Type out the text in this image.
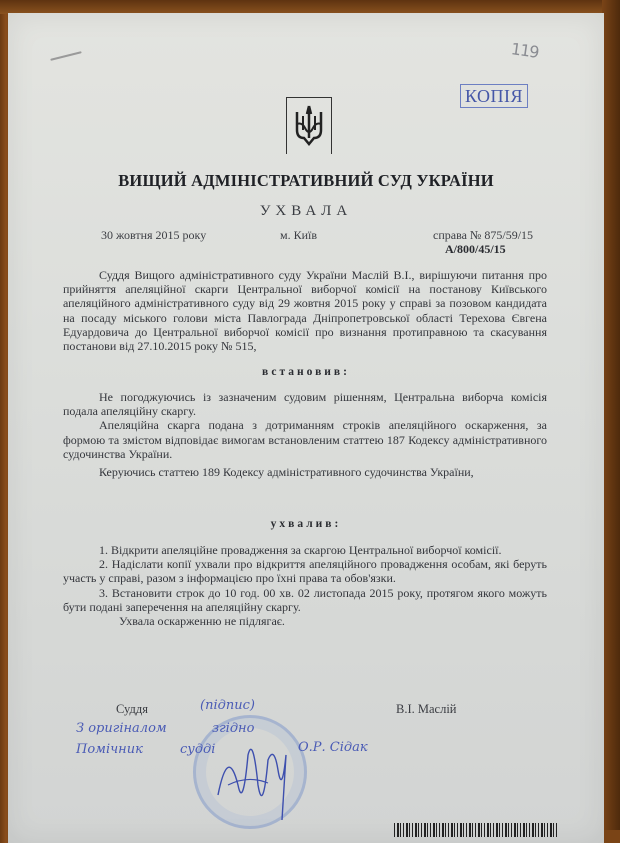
119
КОПІЯ
ВИЩИЙ АДМІНІСТРАТИВНИЙ СУД УКРАЇНИ
УХВАЛА
30 жовтня 2015 року	м. Київ	справа № 875/59/15
А/800/45/15

Суддя Вищого адміністративного суду України Маслій В.І., вирішуючи питання про прийняття апеляційної скарги Центральної виборчої комісії на постанову Київського апеляційного адміністративного суду від 29 жовтня 2015 року у справі за позовом кандидата на посаду міського голови міста Павлограда Дніпропетровської області Терехова Євгена Едуардовича до Центральної виборчої комісії про визнання протиправною та скасування постанови від 27.10.2015 року № 515,

встановив:

Не погоджуючись із зазначеним судовим рішенням, Центральна виборча комісія подала апеляційну скаргу.

Апеляційна скарга подана з дотриманням строків апеляційного оскарження, за формою та змістом відповідає вимогам встановленим статтею 187 Кодексу адміністративного судочинства України.

Керуючись статтею 189 Кодексу адміністративного судочинства України,

ухвалив:

1. Відкрити апеляційне провадження за скаргою Центральної виборчої комісії.

2. Надіслати копії ухвали про відкриття апеляційного провадження особам, які беруть участь у справі, разом з інформацією про їхні права та обов'язки.

3. Встановити строк до 10 год. 00 хв. 02 листопада 2015 року, протягом якого можуть бути подані заперечення на апеляційну скаргу.

Ухвала оскарженню не підлягає.

Суддя	(підпис)	В.І. Маслій
З оригіналом	згідно
Помічник	судді	О.Р. Сідак
